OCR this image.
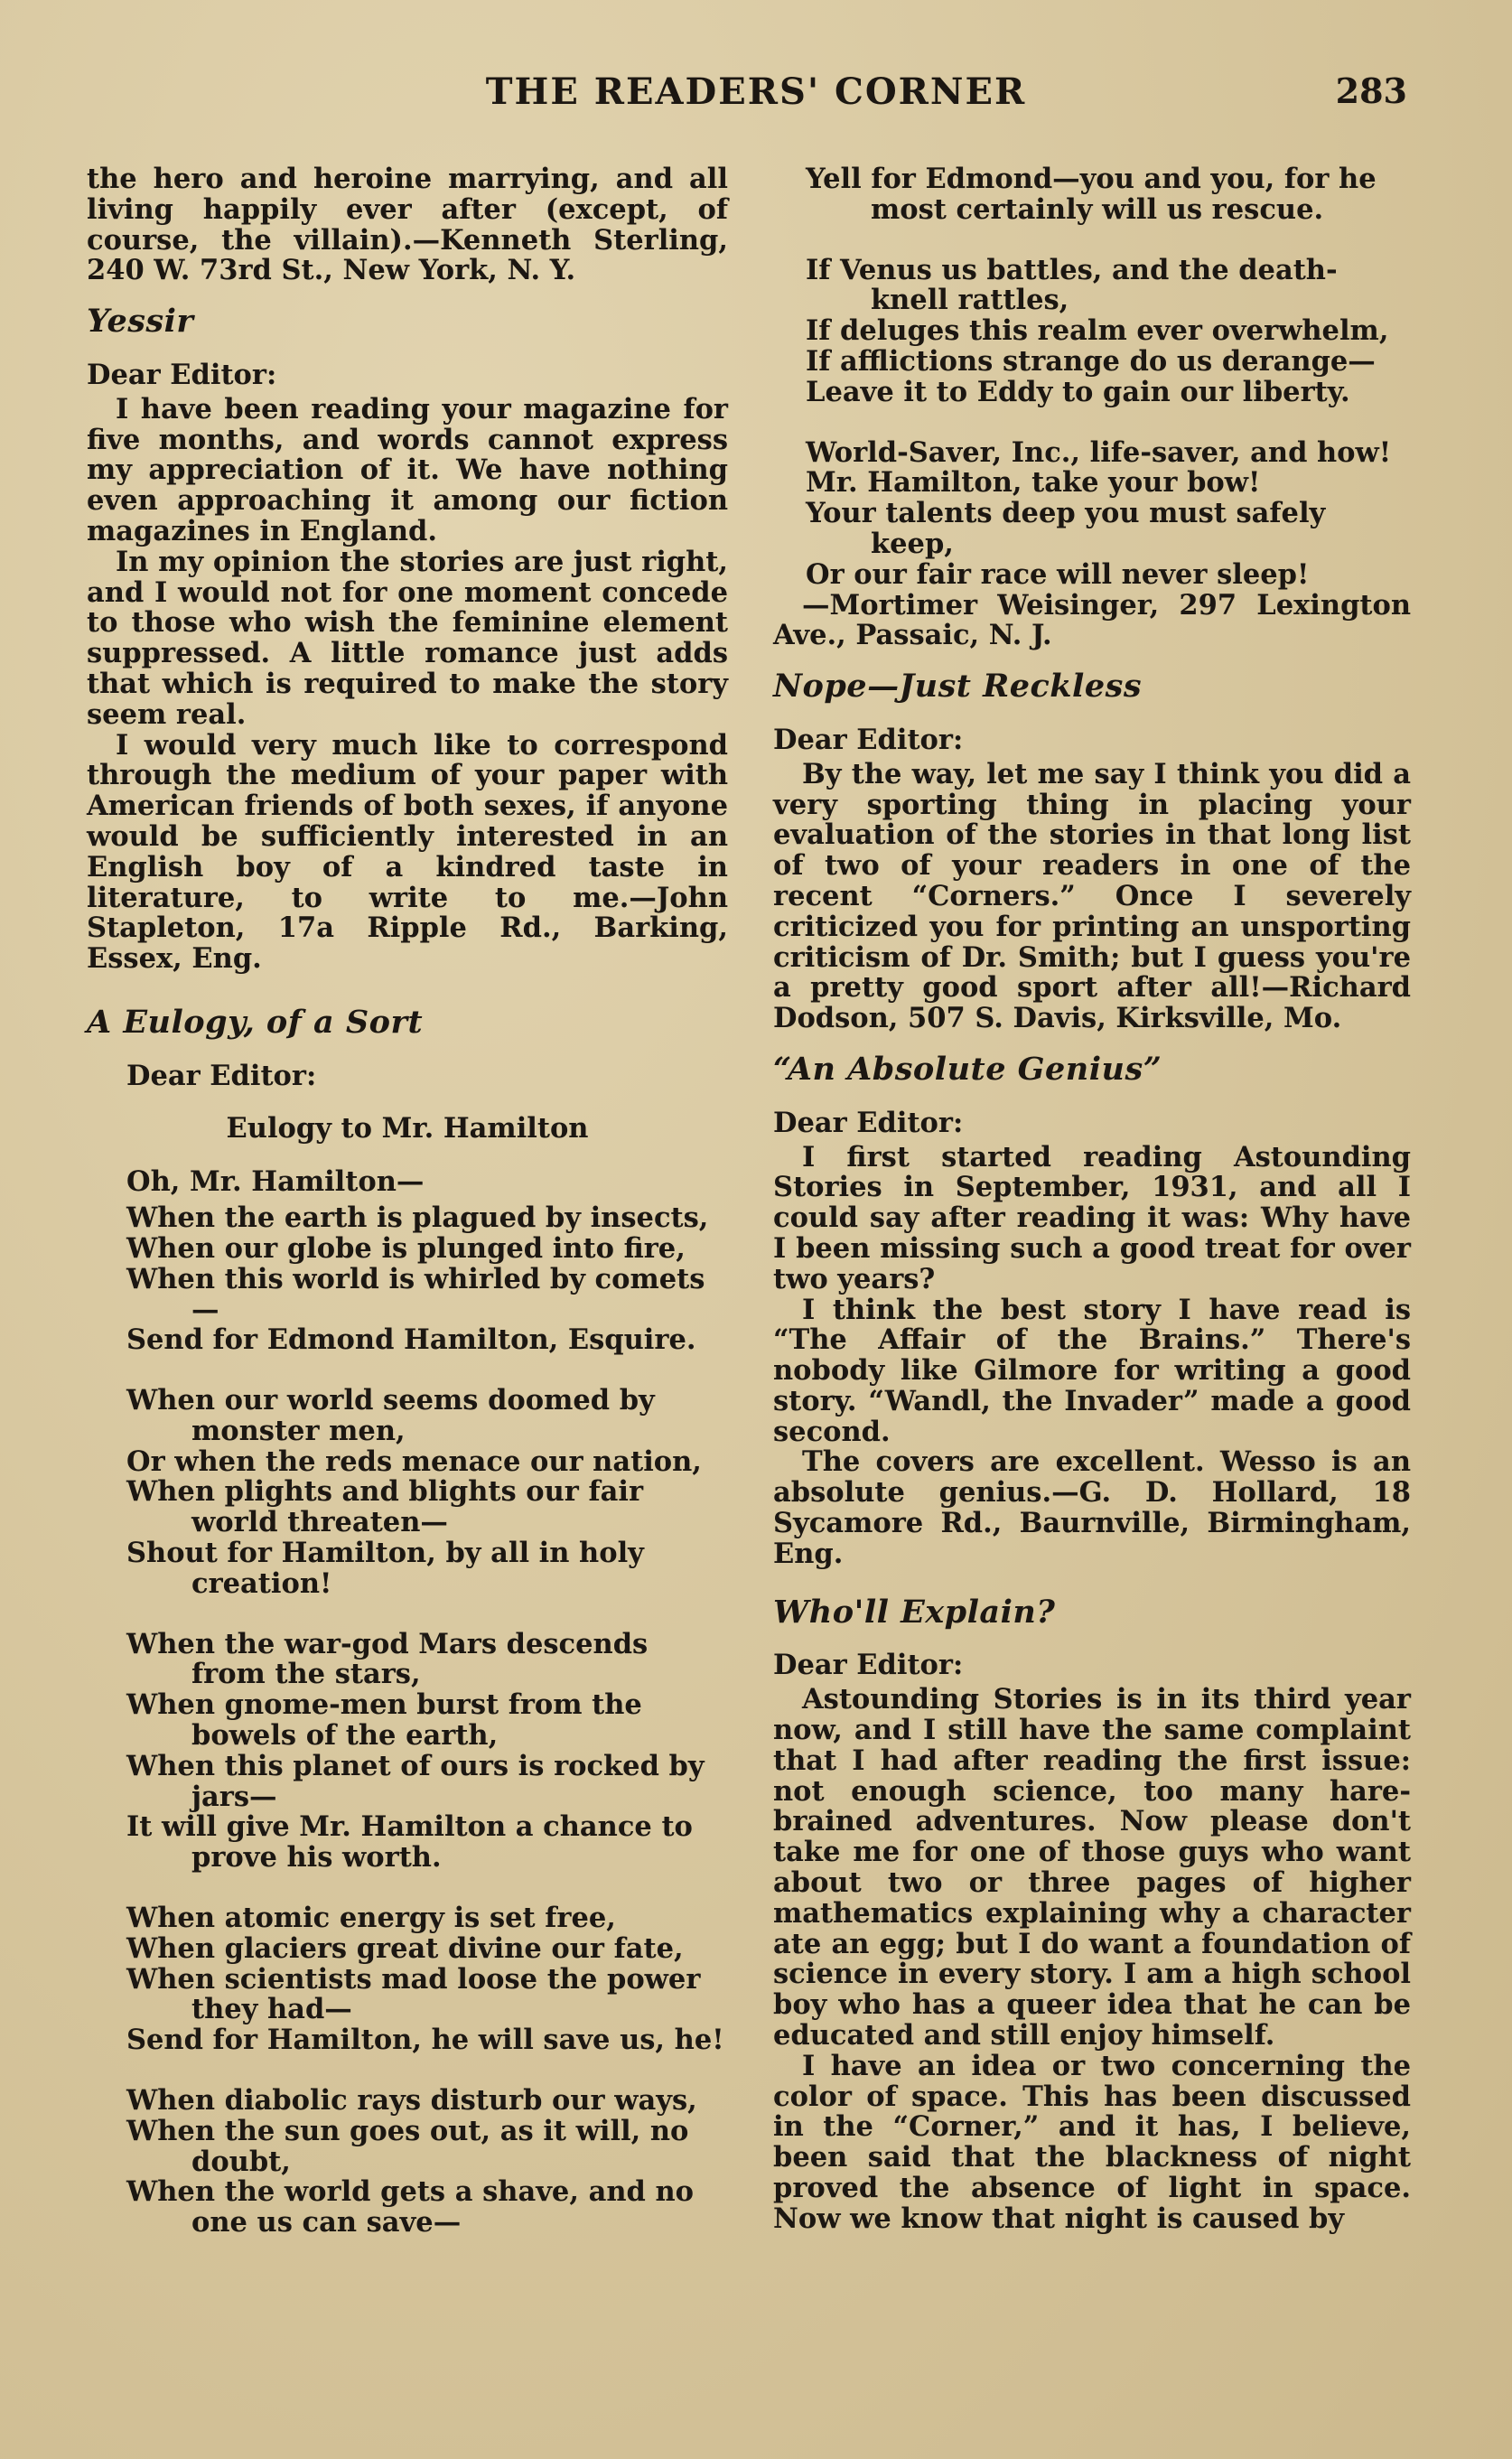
THE READERS' CORNER	283

the hero and heroine marrying, and all living happily ever after (except, of course, the villain).—Kenneth Sterling, 240 W. 73rd St., New York, N. Y.

Yessir

Dear Editor:

I have been reading your magazine for five months, and words cannot express my appreciation of it. We have nothing even approaching it among our fiction magazines in England.

In my opinion the stories are just right, and I would not for one moment concede to those who wish the feminine element suppressed. A little romance just adds that which is required to make the story seem real.

I would very much like to correspond through the medium of your paper with American friends of both sexes, if anyone would be sufficiently interested in an English boy of a kindred taste in literature, to write to me.—John Stapleton, 17a Ripple Rd., Barking, Essex, Eng.

A Eulogy, of a Sort

Dear Editor:

Eulogy to Mr. Hamilton

Oh, Mr. Hamilton—

When the earth is plagued by insects,

When our globe is plunged into fire,

When this world is whirled by comets—

Send for Edmond Hamilton, Esquire.

When our world seems doomed by monster men,

Or when the reds menace our nation,

When plights and blights our fair world threaten—

Shout for Hamilton, by all in holy creation!

When the war-god Mars descends from the stars,

When gnome-men burst from the bowels of the earth,

When this planet of ours is rocked by jars—

It will give Mr. Hamilton a chance to prove his worth.

When atomic energy is set free,

When glaciers great divine our fate,

When scientists mad loose the power they had—

Send for Hamilton, he will save us, he!

When diabolic rays disturb our ways,

When the sun goes out, as it will, no doubt,

When the world gets a shave, and no one us can save—

Yell for Edmond—you and you, for he most certainly will us rescue.

If Venus us battles, and the death-knell rattles,

If deluges this realm ever overwhelm,

If afflictions strange do us derange—

Leave it to Eddy to gain our liberty.

World-Saver, Inc., life-saver, and how!

Mr. Hamilton, take your bow!

Your talents deep you must safely keep,

Or our fair race will never sleep!

—Mortimer Weisinger, 297 Lexington Ave., Passaic, N. J.

Nope—Just Reckless

Dear Editor:

By the way, let me say I think you did a very sporting thing in placing your evaluation of the stories in that long list of two of your readers in one of the recent “Corners.” Once I severely criticized you for printing an unsporting criticism of Dr. Smith; but I guess you're a pretty good sport after all!—Richard Dodson, 507 S. Davis, Kirksville, Mo.

“An Absolute Genius”

Dear Editor:

I first started reading Astounding Stories in September, 1931, and all I could say after reading it was: Why have I been missing such a good treat for over two years?

I think the best story I have read is “The Affair of the Brains.” There's nobody like Gilmore for writing a good story. “Wandl, the Invader” made a good second.

The covers are excellent. Wesso is an absolute genius.—G. D. Hollard, 18 Sycamore Rd., Baurnville, Birmingham, Eng.

Who'll Explain?

Dear Editor:

Astounding Stories is in its third year now, and I still have the same complaint that I had after reading the first issue: not enough science, too many hare-brained adventures. Now please don't take me for one of those guys who want about two or three pages of higher mathematics explaining why a character ate an egg; but I do want a foundation of science in every story. I am a high school boy who has a queer idea that he can be educated and still enjoy himself.

I have an idea or two concerning the color of space. This has been discussed in the “Corner,” and it has, I believe, been said that the blackness of night proved the absence of light in space. Now we know that night is caused by
